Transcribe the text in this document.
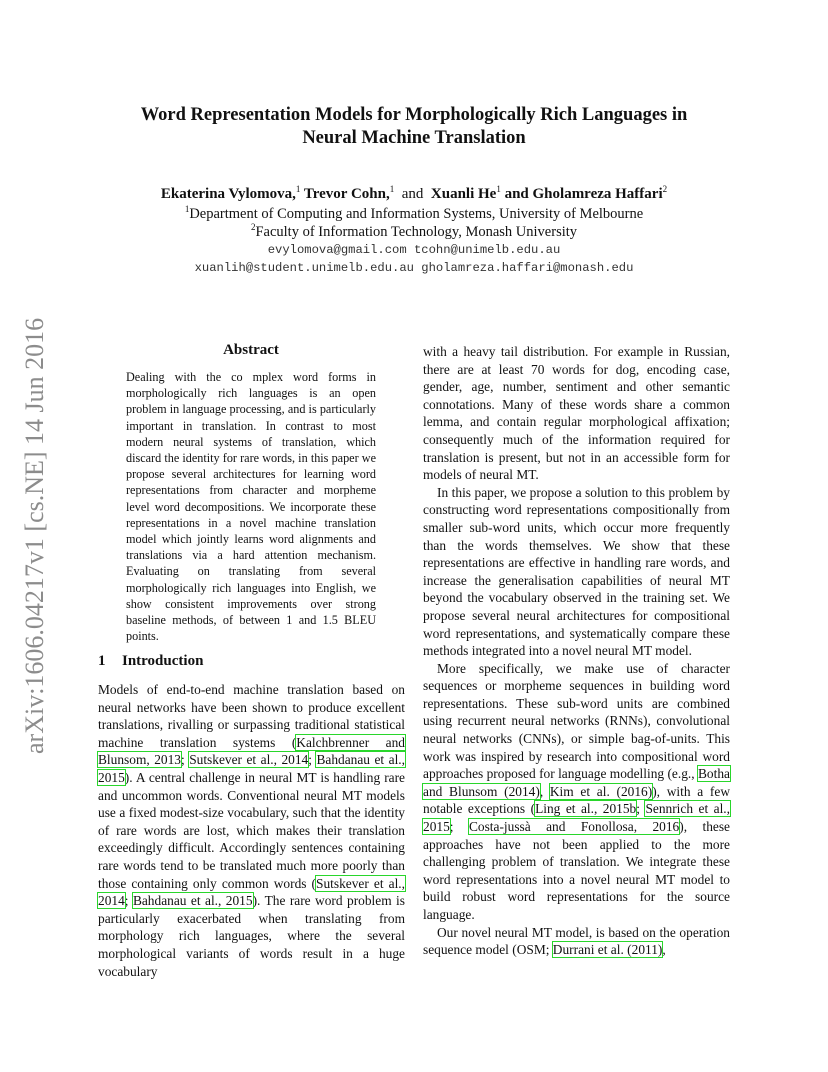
arXiv:1606.04217v1 [cs.NE] 14 Jun 2016
Word Representation Models for Morphologically Rich Languages in
Neural Machine Translation
Ekaterina Vylomova,$^1$ Trevor Cohn,$^1$ and Xuanli He$^1$ and Gholamreza Haffari$^2$
$^1$Department of Computing and Information Systems, University of Melbourne
$^2$Faculty of Information Technology, Monash University
evylomova@gmail.com tcohn@unimelb.edu.au
xuanlih@student.unimelb.edu.au gholamreza.haffari@monash.edu
Abstract
Dealing with the co mplex word forms in morphologically rich languages is an open problem in language processing, and is particularly important in translation. In contrast to most modern neural systems of translation, which discard the identity for rare words, in this paper we propose several architectures for learning word representations from character and morpheme level word decompositions. We incorporate these representations in a novel machine translation model which jointly learns word alignments and translations via a hard attention mechanism. Evaluating on translating from several morphologically rich languages into English, we show consistent improvements over strong baseline methods, of between 1 and 1.5 BLEU points.
1 Introduction

Models of end-to-end machine translation based on neural networks have been shown to produce excellent translations, rivalling or surpassing traditional statistical machine translation systems (Kalchbrenner and Blunsom, 2013; Sutskever et al., 2014; Bahdanau et al., 2015). A central challenge in neural MT is handling rare and uncommon words. Conventional neural MT models use a fixed modest-size vocabulary, such that the identity of rare words are lost, which makes their translation exceedingly difficult. Accordingly sentences containing rare words tend to be translated much more poorly than those containing only common words (Sutskever et al., 2014; Bahdanau et al., 2015). The rare word problem is particularly exacerbated when translating from morphology rich languages, where the several morphological variants of words result in a huge vocabulary

with a heavy tail distribution. For example in Russian, there are at least 70 words for dog, encoding case, gender, age, number, sentiment and other semantic connotations. Many of these words share a common lemma, and contain regular morphological affixation; consequently much of the information required for translation is present, but not in an accessible form for models of neural MT.

In this paper, we propose a solution to this problem by constructing word representations compositionally from smaller sub-word units, which occur more frequently than the words themselves. We show that these representations are effective in handling rare words, and increase the generalisation capabilities of neural MT beyond the vocabulary observed in the training set. We propose several neural architectures for compositional word representations, and systematically compare these methods integrated into a novel neural MT model.

More specifically, we make use of character sequences or morpheme sequences in building word representations. These sub-word units are combined using recurrent neural networks (RNNs), convolutional neural networks (CNNs), or simple bag-of-units. This work was inspired by research into compositional word approaches proposed for language modelling (e.g., Botha and Blunsom (2014), Kim et al. (2016)), with a few notable exceptions (Ling et al., 2015b; Sennrich et al., 2015; Costa-jussà and Fonollosa, 2016), these approaches have not been applied to the more challenging problem of translation. We integrate these word representations into a novel neural MT model to build robust word representations for the source language.

Our novel neural MT model, is based on the operation sequence model (OSM; Durrani et al. (2011),
